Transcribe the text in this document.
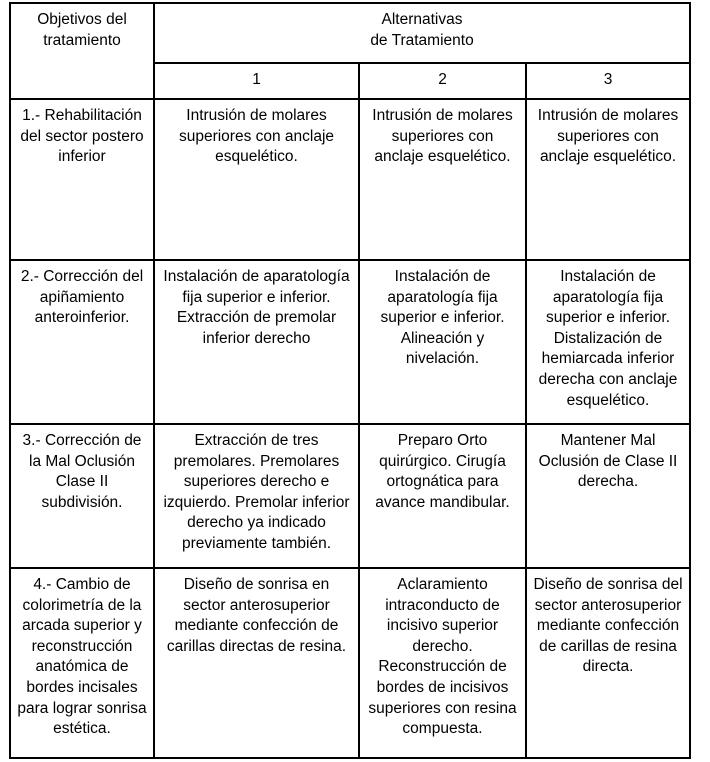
Objetivos del tratamiento	Alternativas
de Tratamiento		
	1	2	3
1.- Rehabilitación del sector postero inferior	Intrusión de molares superiores con anclaje esquelético.	Intrusión de molares superiores con anclaje esquelético.	Intrusión de molares superiores con anclaje esquelético.
2.- Corrección del apiñamiento anteroinferior.	Instalación de aparatología fija superior e inferior. Extracción de premolar inferior derecho	Instalación de aparatología fija superior e inferior. Alineación y nivelación.	Instalación de aparatología fija superior e inferior. Distalización de hemiarcada inferior derecha con anclaje esquelético.
3.- Corrección de la Mal Oclusión Clase II subdivisión.	Extracción de tres premolares. Premolares superiores derecho e izquierdo. Premolar inferior derecho ya indicado previamente también.	Preparo Orto quirúrgico. Cirugía ortognática para avance mandibular.	Mantener Mal Oclusión de Clase II derecha.
4.- Cambio de colorimetría de la arcada superior y reconstrucción anatómica de bordes incisales para lograr sonrisa estética.	Diseño de sonrisa en sector anterosuperior mediante confección de carillas directas de resina.	Aclaramiento intraconducto de incisivo superior derecho. Reconstrucción de bordes de incisivos superiores con resina compuesta.	Diseño de sonrisa del sector anterosuperior mediante confección de carillas de resina directa.
